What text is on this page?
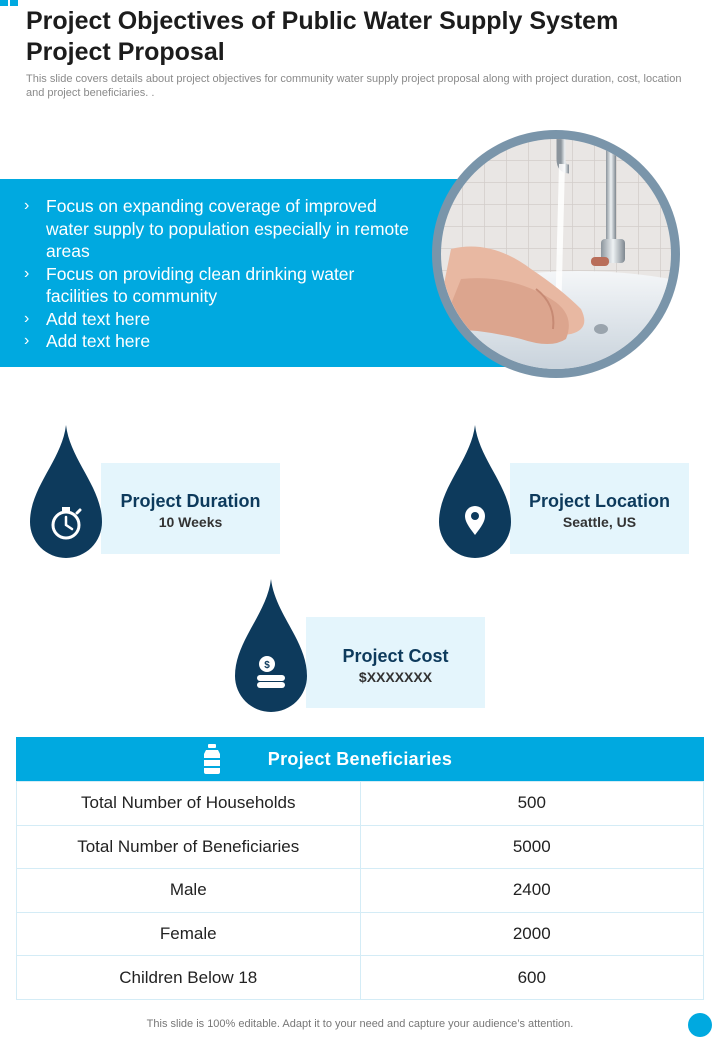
Project Objectives of Public Water Supply System Project Proposal

This slide covers details about project objectives for community water supply project proposal along with project duration, cost, location and project beneficiaries. .

› Focus on expanding coverage of improved water supply to population especially in remote areas
› Focus on providing clean drinking water facilities to community
› Add text here
› Add text here
Project Duration
10 Weeks
Project Location
Seattle, US
Project Cost
$XXXXXXX
$
Project Beneficiaries
Total Number of Households	500
Total Number of Beneficiaries	5000
Male	2400
Female	2000
Children Below 18	600
This slide is 100% editable. Adapt it to your need and capture your audience’s attention.
